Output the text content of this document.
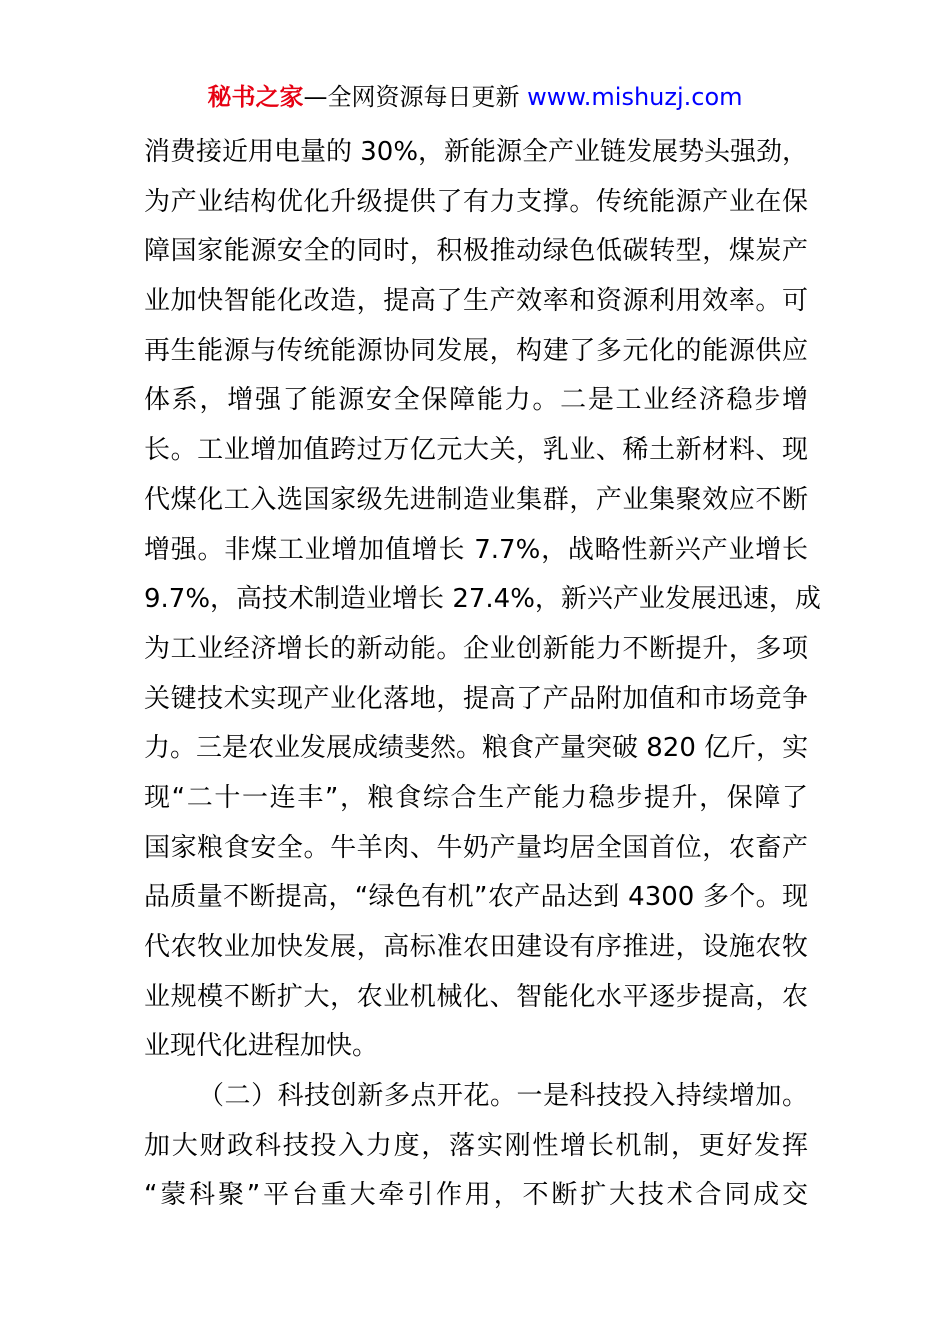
秘书之家—全网资源每日更新 www.mishuzj.com
消费接近用电量的 30%，新能源全产业链发展势头强劲，
为产业结构优化升级提供了有力支撑。传统能源产业在保
障国家能源安全的同时，积极推动绿色低碳转型，煤炭产
业加快智能化改造，提高了生产效率和资源利用效率。可
再生能源与传统能源协同发展，构建了多元化的能源供应
体系，增强了能源安全保障能力。二是工业经济稳步增
长。工业增加值跨过万亿元大关，乳业、稀土新材料、现
代煤化工入选国家级先进制造业集群，产业集聚效应不断
增强。非煤工业增加值增长 7.7%，战略性新兴产业增长
9.7%，高技术制造业增长 27.4%，新兴产业发展迅速，成
为工业经济增长的新动能。企业创新能力不断提升，多项
关键技术实现产业化落地，提高了产品附加值和市场竞争
力。三是农业发展成绩斐然。粮食产量突破 820 亿斤，实
现“二十一连丰”，粮食综合生产能力稳步提升，保障了
国家粮食安全。牛羊肉、牛奶产量均居全国首位，农畜产
品质量不断提高，“绿色有机”农产品达到 4300 多个。现
代农牧业加快发展，高标准农田建设有序推进，设施农牧
业规模不断扩大，农业机械化、智能化水平逐步提高，农
业现代化进程加快。
（二）科技创新多点开花。一是科技投入持续增加。
加大财政科技投入力度，落实刚性增长机制，更好发挥
“蒙科聚”平台重大牵引作用，不断扩大技术合同成交
